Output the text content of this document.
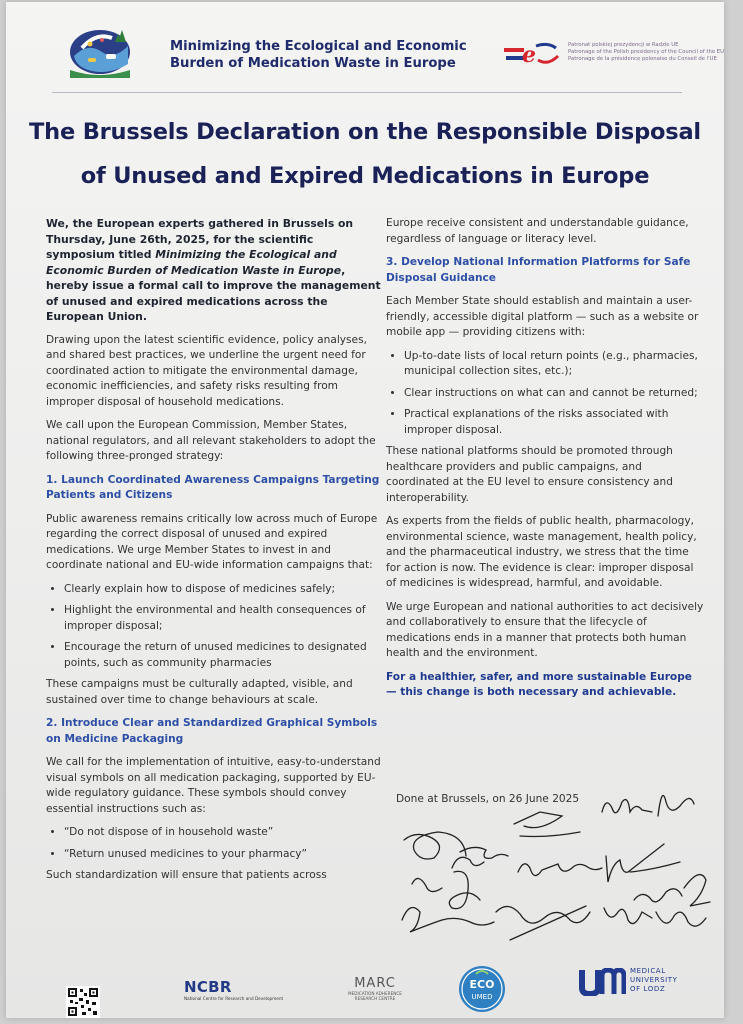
Minimizing the Ecological and Economic
Burden of Medication Waste in Europe	e	Patronat polskiej prezydencji w Radzie UE
Patronage of the Polish presidency of the Council of the EU
Patronage de la présidence polonaise du Conseil de l'UE
The Brussels Declaration on the Responsible Disposal
of Unused and Expired Medications in Europe

We, the European experts gathered in Brussels on Thursday, June 26th, 2025, for the scientific symposium titled Minimizing the Ecological and Economic Burden of Medication Waste in Europe, hereby issue a formal call to improve the management of unused and expired medications across the European Union.

Drawing upon the latest scientific evidence, policy analyses, and shared best practices, we underline the urgent need for coordinated action to mitigate the environmental damage, economic inefficiencies, and safety risks resulting from improper disposal of household medications.

We call upon the European Commission, Member States, national regulators, and all relevant stakeholders to adopt the following three-pronged strategy:

1. Launch Coordinated Awareness Campaigns Targeting Patients and Citizens

Public awareness remains critically low across much of Europe regarding the correct disposal of unused and expired medications. We urge Member States to invest in and coordinate national and EU-wide information campaigns that:

• Clearly explain how to dispose of medicines safely;
• Highlight the environmental and health consequences of improper disposal;
• Encourage the return of unused medicines to designated points, such as community pharmacies

These campaigns must be culturally adapted, visible, and sustained over time to change behaviours at scale.

2. Introduce Clear and Standardized Graphical Symbols on Medicine Packaging

We call for the implementation of intuitive, easy-to-understand visual symbols on all medication packaging, supported by EU-wide regulatory guidance. These symbols should convey essential instructions such as:

• “Do not dispose of in household waste”
• “Return unused medicines to your pharmacy”

Such standardization will ensure that patients across

Europe receive consistent and understandable guidance, regardless of language or literacy level.

3. Develop National Information Platforms for Safe Disposal Guidance

Each Member State should establish and maintain a user-friendly, accessible digital platform — such as a website or mobile app — providing citizens with:

• Up-to-date lists of local return points (e.g., pharmacies, municipal collection sites, etc.);
• Clear instructions on what can and cannot be returned;
• Practical explanations of the risks associated with improper disposal.

These national platforms should be promoted through healthcare providers and public campaigns, and coordinated at the EU level to ensure consistency and interoperability.

As experts from the fields of public health, pharmacology, environmental science, waste management, health policy, and the pharmaceutical industry, we stress that the time for action is now. The evidence is clear: improper disposal of medicines is widespread, harmful, and avoidable.

We urge European and national authorities to act decisively and collaboratively to ensure that the lifecycle of medications ends in a manner that protects both human health and the environment.

For a healthier, safer, and more sustainable Europe — this change is both necessary and achievable.

Done at Brussels, on 26 June 2025
NCBR
National Centre for Research and Development
MARC
MEDICATION ADHERENCE
RESEARCH CENTRE
ECO
UMED
MEDICAL
UNIVERSITY
OF LODZ
